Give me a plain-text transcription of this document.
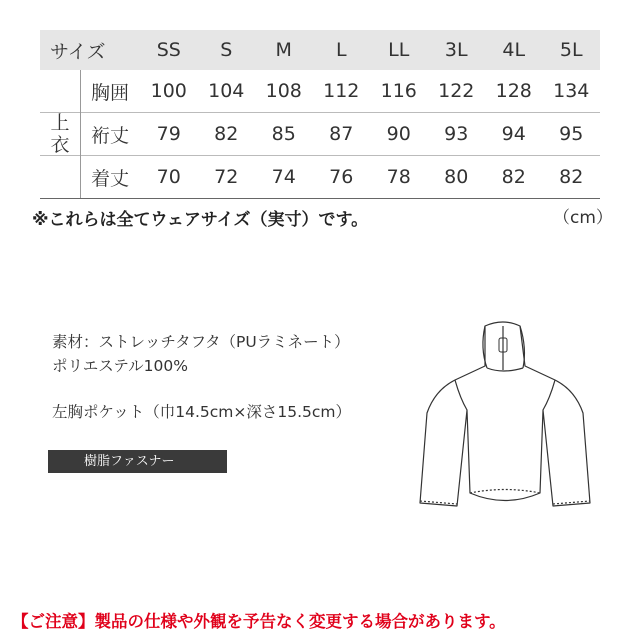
サイズ	SS	S	M	L	LL	3L	4L	5L
上
衣
胸囲	100	104	108	112	116	122	128	134
裄丈	79	82	85	87	90	93	94	95
着丈	70	72	74	76	78	80	82	82
※これらは全てウェアサイズ（実寸）です。	（cm）
素材：ストレッチタフタ（PUラミネート）
ポリエステル100%
左胸ポケット（巾14.5cm×深さ15.5cm）
樹脂ファスナー
【ご注意】製品の仕様や外観を予告なく変更する場合があります。
